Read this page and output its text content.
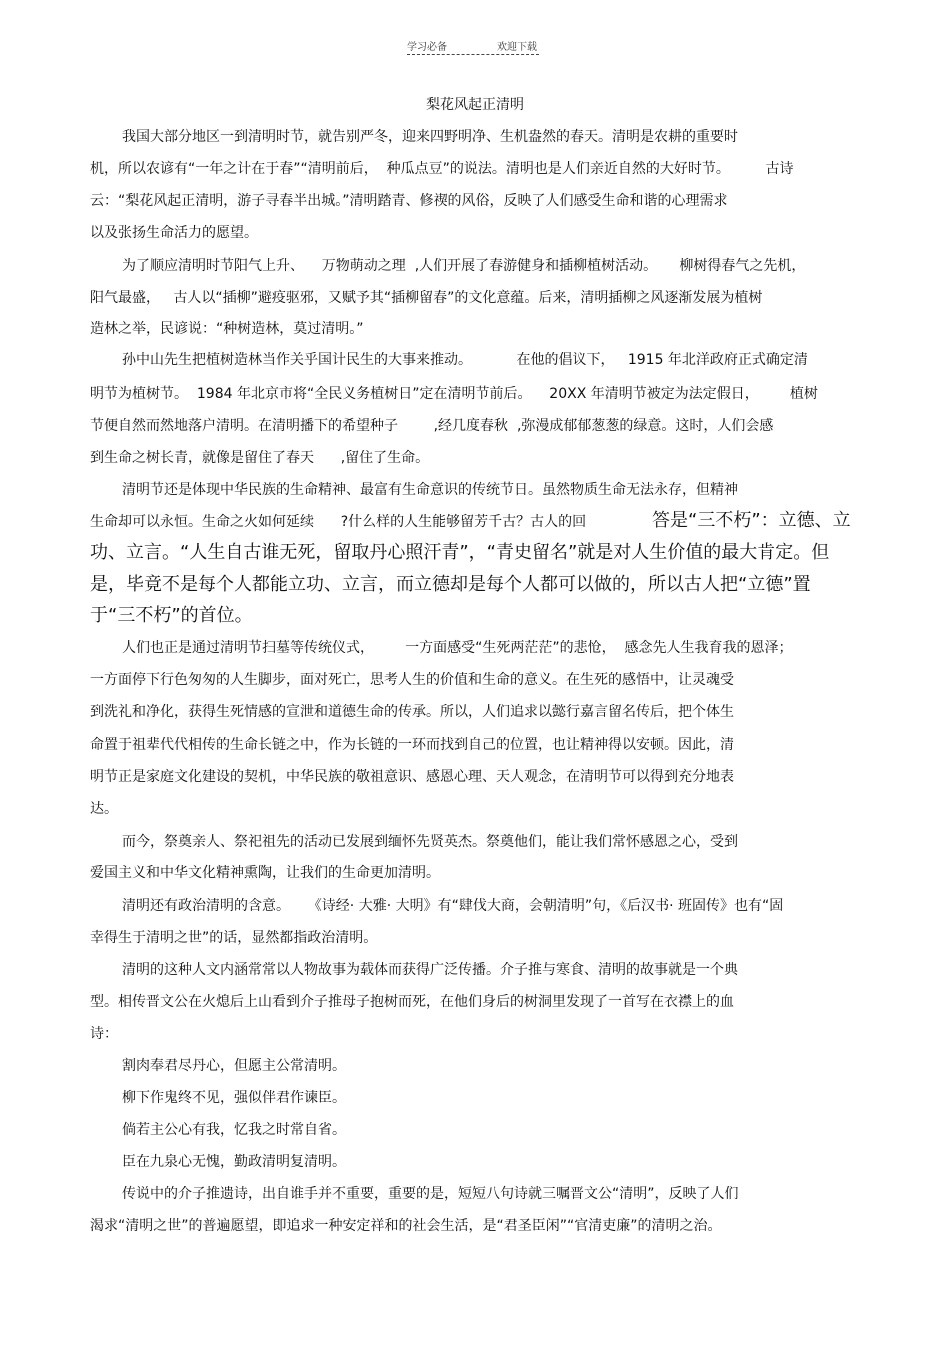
学习必备	欢迎下载
梨花风起正清明
我国大部分地区一到清明时节，就告别严冬，迎来四野明净、生机盎然的春天。清明是农耕的重要时
机，所以农谚有“一年之计在于春”“清明前后，  种瓜点豆”的说法。清明也是人们亲近自然的大好时节。        古诗
云：“梨花风起正清明，游子寻春半出城。”清明踏青、修禊的风俗，反映了人们感受生命和谐的心理需求
以及张扬生命活力的愿望。
为了顺应清明时节阳气上升、    万物萌动之理  ,人们开展了春游健身和插柳植树活动。     柳树得春气之先机，
阳气最盛，   古人以“插柳”避疫驱邪，又赋予其“插柳留春”的文化意蕴。后来，清明插柳之风逐渐发展为植树
造林之举，民谚说：“种树造林，莫过清明。”
孙中山先生把植树造林当作关乎国计民生的大事来推动。          在他的倡议下，   1915 年北洋政府正式确定清
明节为植树节。  1984 年北京市将“全民义务植树日”定在清明节前后。    20XX 年清明节被定为法定假日，       植树
节便自然而然地落户清明。在清明播下的希望种子        ,经几度春秋  ,弥漫成郁郁葱葱的绿意。这时，人们会感
到生命之树长青，就像是留住了春天      ,留住了生命。
清明节还是体现中华民族的生命精神、最富有生命意识的传统节日。虽然物质生命无法永存，但精神
生命却可以永恒。生命之火如何延续      ?什么样的人生能够留芳千古？古人的回	答是“三不朽”：立德、立
功、立言。“人生自古谁无死，留取丹心照汗青”，“青史留名”就是对人生价值的最大肯定。但
是，毕竟不是每个人都能立功、立言，而立德却是每个人都可以做的，所以古人把“立德”置
于“三不朽”的首位。
人们也正是通过清明节扫墓等传统仪式，       一方面感受“生死两茫茫”的悲怆，  感念先人生我育我的恩泽；
一方面停下行色匆匆的人生脚步，面对死亡，思考人生的价值和生命的意义。在生死的感悟中，让灵魂受
到洗礼和净化，获得生死情感的宣泄和道德生命的传承。所以，人们追求以懿行嘉言留名传后，把个体生
命置于祖辈代代相传的生命长链之中，作为长链的一环而找到自己的位置，也让精神得以安顿。因此，清
明节正是家庭文化建设的契机，中华民族的敬祖意识、感恩心理、天人观念，在清明节可以得到充分地表
达。
而今，祭奠亲人、祭祀祖先的活动已发展到缅怀先贤英杰。祭奠他们，能让我们常怀感恩之心，受到
爱国主义和中华文化精神熏陶，让我们的生命更加清明。
清明还有政治清明的含意。    《诗经· 大雅· 大明》有“肆伐大商，会朝清明”句，《后汉书· 班固传》也有“固
幸得生于清明之世”的话，显然都指政治清明。
清明的这种人文内涵常常以人物故事为载体而获得广泛传播。介子推与寒食、清明的故事就是一个典
型。相传晋文公在火熄后上山看到介子推母子抱树而死，在他们身后的树洞里发现了一首写在衣襟上的血
诗：
割肉奉君尽丹心，但愿主公常清明。
柳下作鬼终不见，强似伴君作谏臣。
倘若主公心有我，忆我之时常自省。
臣在九泉心无愧，勤政清明复清明。
传说中的介子推遗诗，出自谁手并不重要，重要的是，短短八句诗就三嘱晋文公“清明”，反映了人们
渴求“清明之世”的普遍愿望，即追求一种安定祥和的社会生活，是“君圣臣闲”“官清吏廉”的清明之治。
